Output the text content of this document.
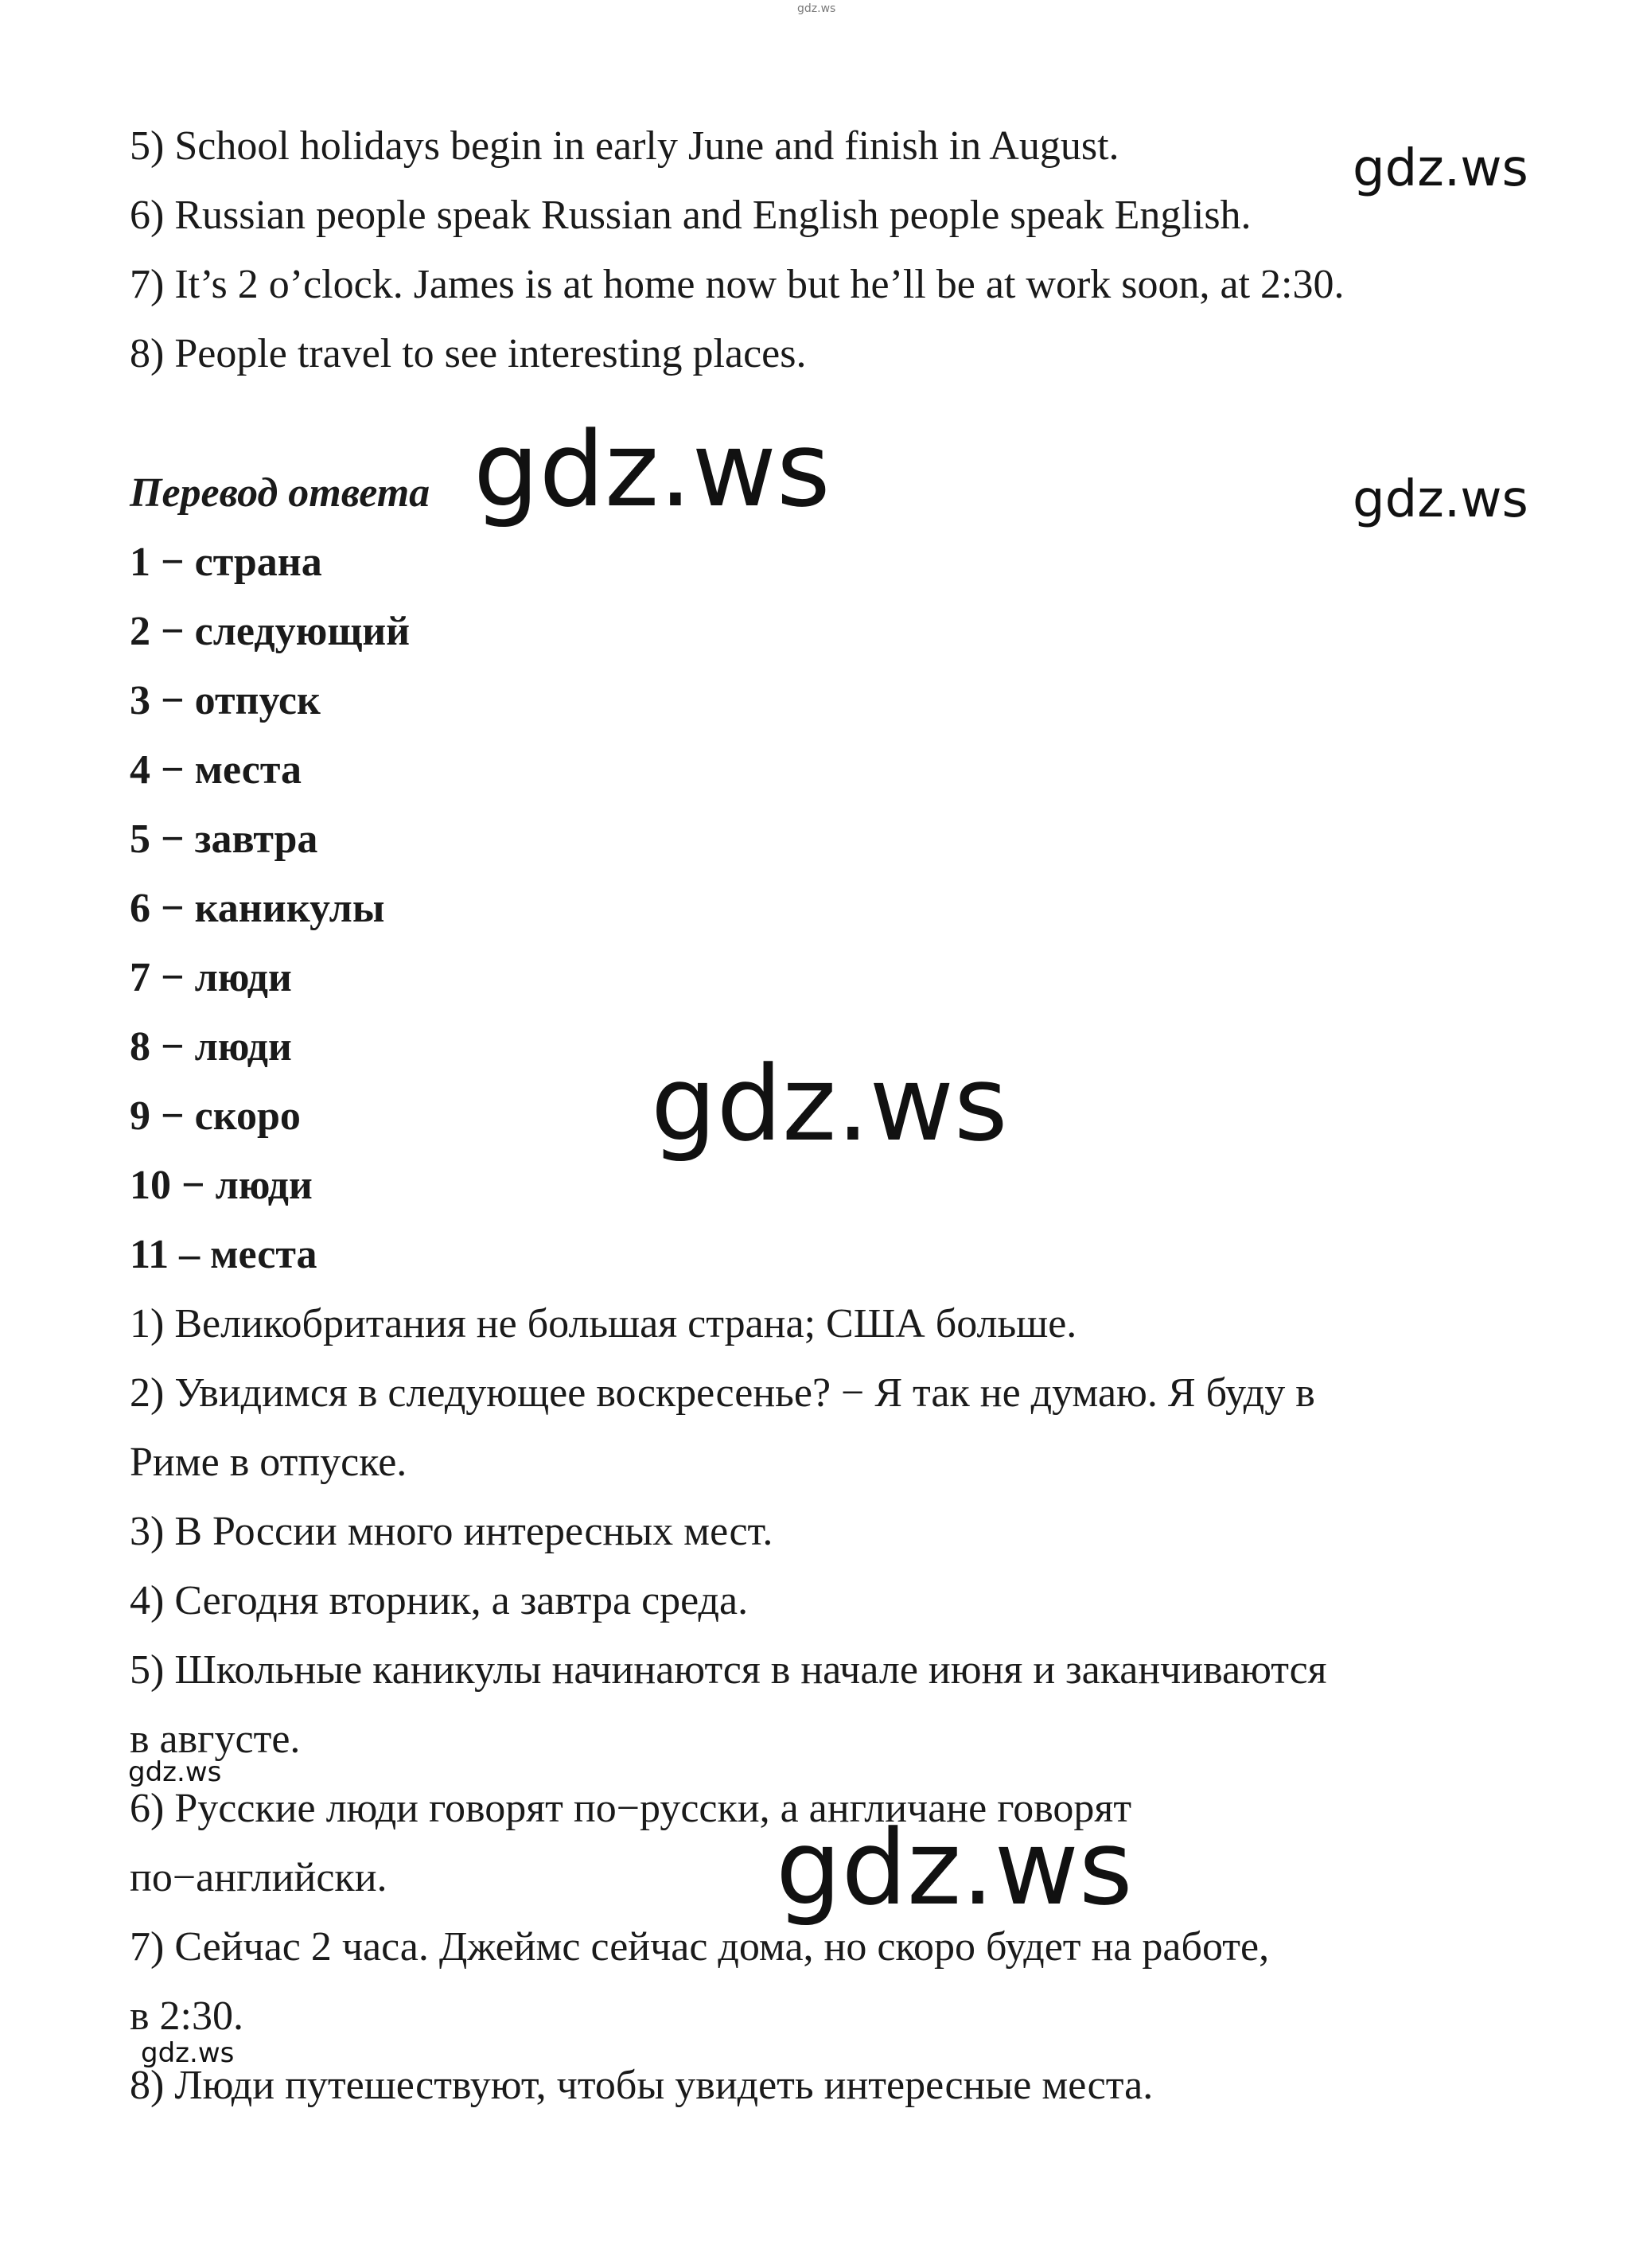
5) School holidays begin in early June and finish in August.
6) Russian people speak Russian and English people speak English.
7) It’s 2 o’clock. James is at home now but he’ll be at work soon, at 2:30.
8) People travel to see interesting places.
Перевод ответа
1 − страна
2 − следующий
3 − отпуск
4 − места
5 − завтра
6 − каникулы
7 − люди
8 − люди
9 − скоро
10 − люди
11 – места
1) Великобритания не большая страна; США больше.
2) Увидимся в следующее воскресенье? − Я так не думаю. Я буду в
Риме в отпуске.
3) В России много интересных мест.
4) Сегодня вторник, а завтра среда.
5) Школьные каникулы начинаются в начале июня и заканчиваются
в августе.
6) Русские люди говорят по−русски, а англичане говорят
по−английски.
7) Сейчас 2 часа. Джеймс сейчас дома, но скоро будет на работе,
в 2:30.
8) Люди путешествуют, чтобы увидеть интересные места.
gdz.ws
gdz.ws
gdz.ws	gdz.ws
gdz.ws
gdz.ws
gdz.ws
gdz.ws
